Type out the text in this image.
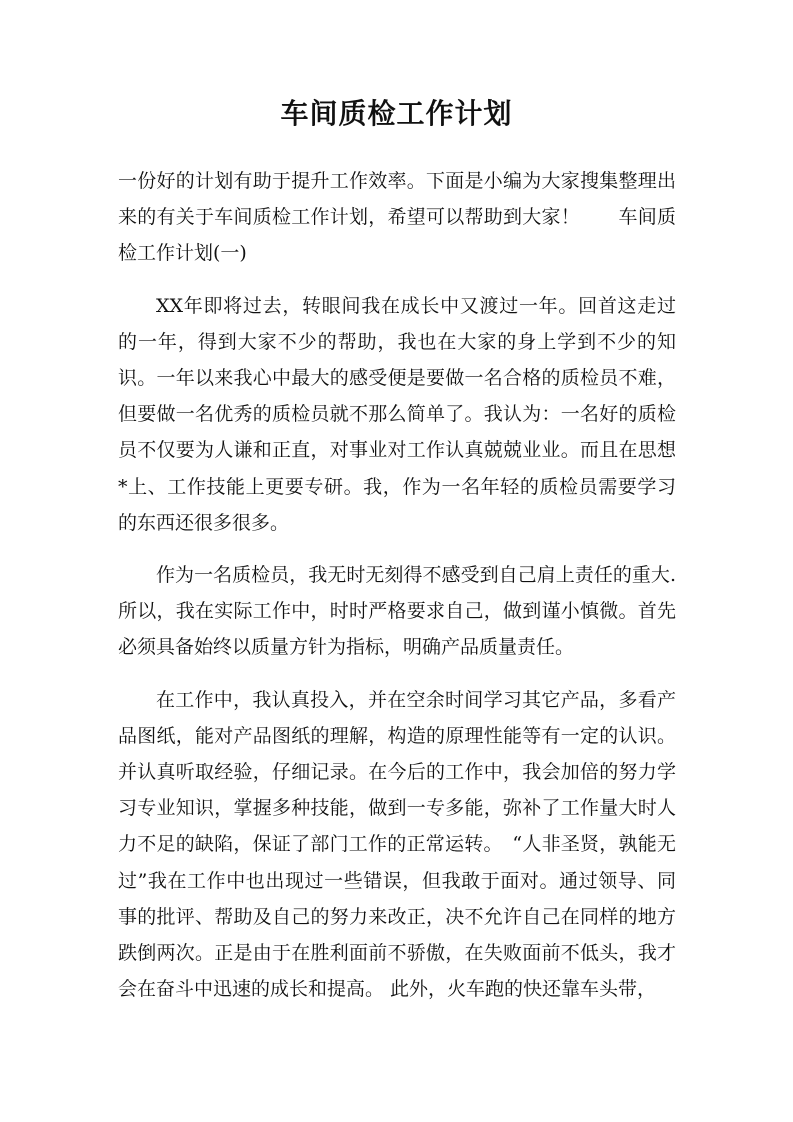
车间质检工作计划

一份好的计划有助于提升工作效率。下面是小编为大家搜集整理出来的有关于车间质检工作计划，希望可以帮助到大家！　　车间质检工作计划(一)

XX年即将过去，转眼间我在成长中又渡过一年。回首这走过的一年，得到大家不少的帮助，我也在大家的身上学到不少的知识。一年以来我心中最大的感受便是要做一名合格的质检员不难，但要做一名优秀的质检员就不那么简单了。我认为：一名好的质检员不仅要为人谦和正直，对事业对工作认真兢兢业业。而且在思想*上、工作技能上更要专研。我，作为一名年轻的质检员需要学习的东西还很多很多。

作为一名质检员，我无时无刻得不感受到自己肩上责任的重大.所以，我在实际工作中，时时严格要求自己，做到谨小慎微。首先必须具备始终以质量方针为指标，明确产品质量责任。

在工作中，我认真投入，并在空余时间学习其它产品，多看产品图纸，能对产品图纸的理解，构造的原理性能等有一定的认识。并认真听取经验，仔细记录。在今后的工作中，我会加倍的努力学习专业知识，掌握多种技能，做到一专多能，弥补了工作量大时人力不足的缺陷，保证了部门工作的正常运转。　“人非圣贤，孰能无过”我在工作中也出现过一些错误，但我敢于面对。通过领导、同事的批评、帮助及自己的努力来改正，决不允许自己在同样的地方跌倒两次。正是由于在胜利面前不骄傲，在失败面前不低头，我才会在奋斗中迅速的成长和提高。 此外，火车跑的快还靠车头带，
